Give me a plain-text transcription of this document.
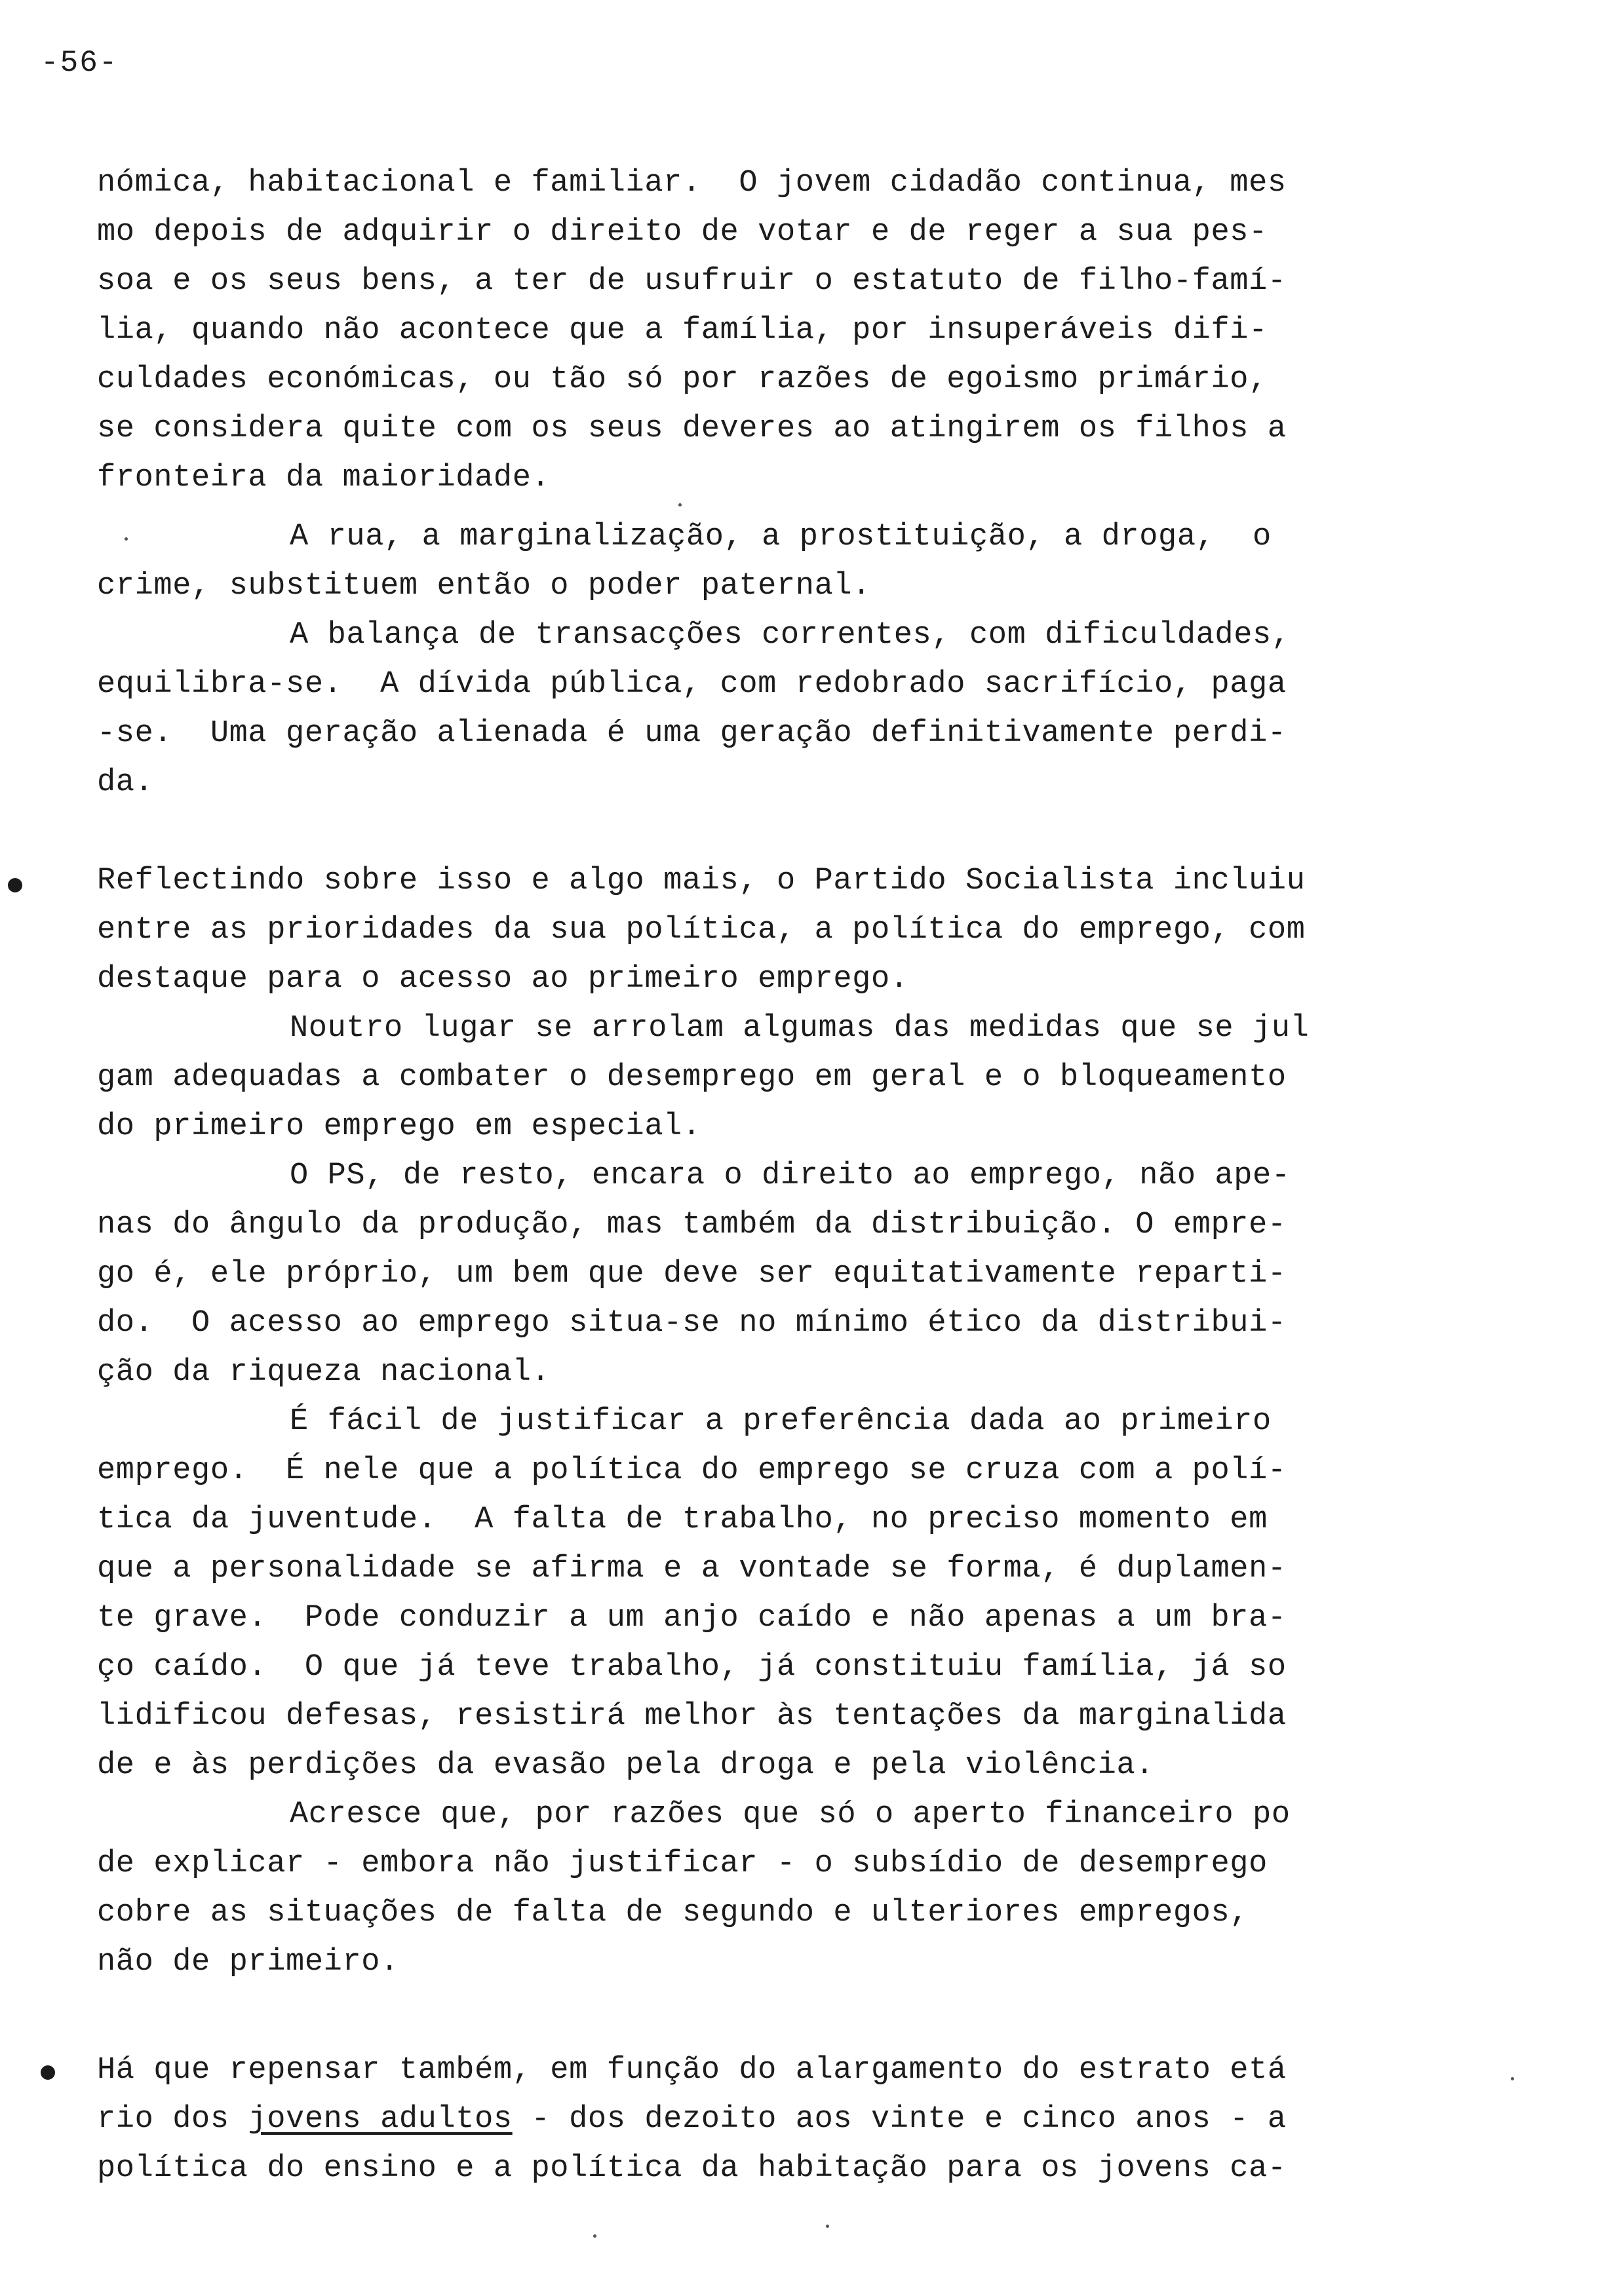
-56-
nómica, habitacional e familiar.  O jovem cidadão continua, mes
mo depois de adquirir o direito de votar e de reger a sua pes-
soa e os seus bens, a ter de usufruir o estatuto de filho-famí-
lia, quando não acontece que a família, por insuperáveis difi-
culdades económicas, ou tão só por razões de egoismo primário,
se considera quite com os seus deveres ao atingirem os filhos a
fronteira da maioridade.
A rua, a marginalização, a prostituição, a droga,  o
crime, substituem então o poder paternal.
A balança de transacções correntes, com dificuldades,
equilibra-se.  A dívida pública, com redobrado sacrifício, paga
-se.  Uma geração alienada é uma geração definitivamente perdi-
da.
Reflectindo sobre isso e algo mais, o Partido Socialista incluiu
entre as prioridades da sua política, a política do emprego, com
destaque para o acesso ao primeiro emprego.
Noutro lugar se arrolam algumas das medidas que se jul
gam adequadas a combater o desemprego em geral e o bloqueamento
do primeiro emprego em especial.
O PS, de resto, encara o direito ao emprego, não ape-
nas do ângulo da produção, mas também da distribuição. O empre-
go é, ele próprio, um bem que deve ser equitativamente reparti-
do.  O acesso ao emprego situa-se no mínimo ético da distribui-
ção da riqueza nacional.
É fácil de justificar a preferência dada ao primeiro
emprego.  É nele que a política do emprego se cruza com a polí-
tica da juventude.  A falta de trabalho, no preciso momento em
que a personalidade se afirma e a vontade se forma, é duplamen-
te grave.  Pode conduzir a um anjo caído e não apenas a um bra-
ço caído.  O que já teve trabalho, já constituiu família, já so
lidificou defesas, resistirá melhor às tentações da marginalida
de e às perdições da evasão pela droga e pela violência.
Acresce que, por razões que só o aperto financeiro po
de explicar - embora não justificar - o subsídio de desemprego
cobre as situações de falta de segundo e ulteriores empregos,
não de primeiro.
Há que repensar também, em função do alargamento do estrato etá
rio dos jovens adultos - dos dezoito aos vinte e cinco anos - a
política do ensino e a política da habitação para os jovens ca-
